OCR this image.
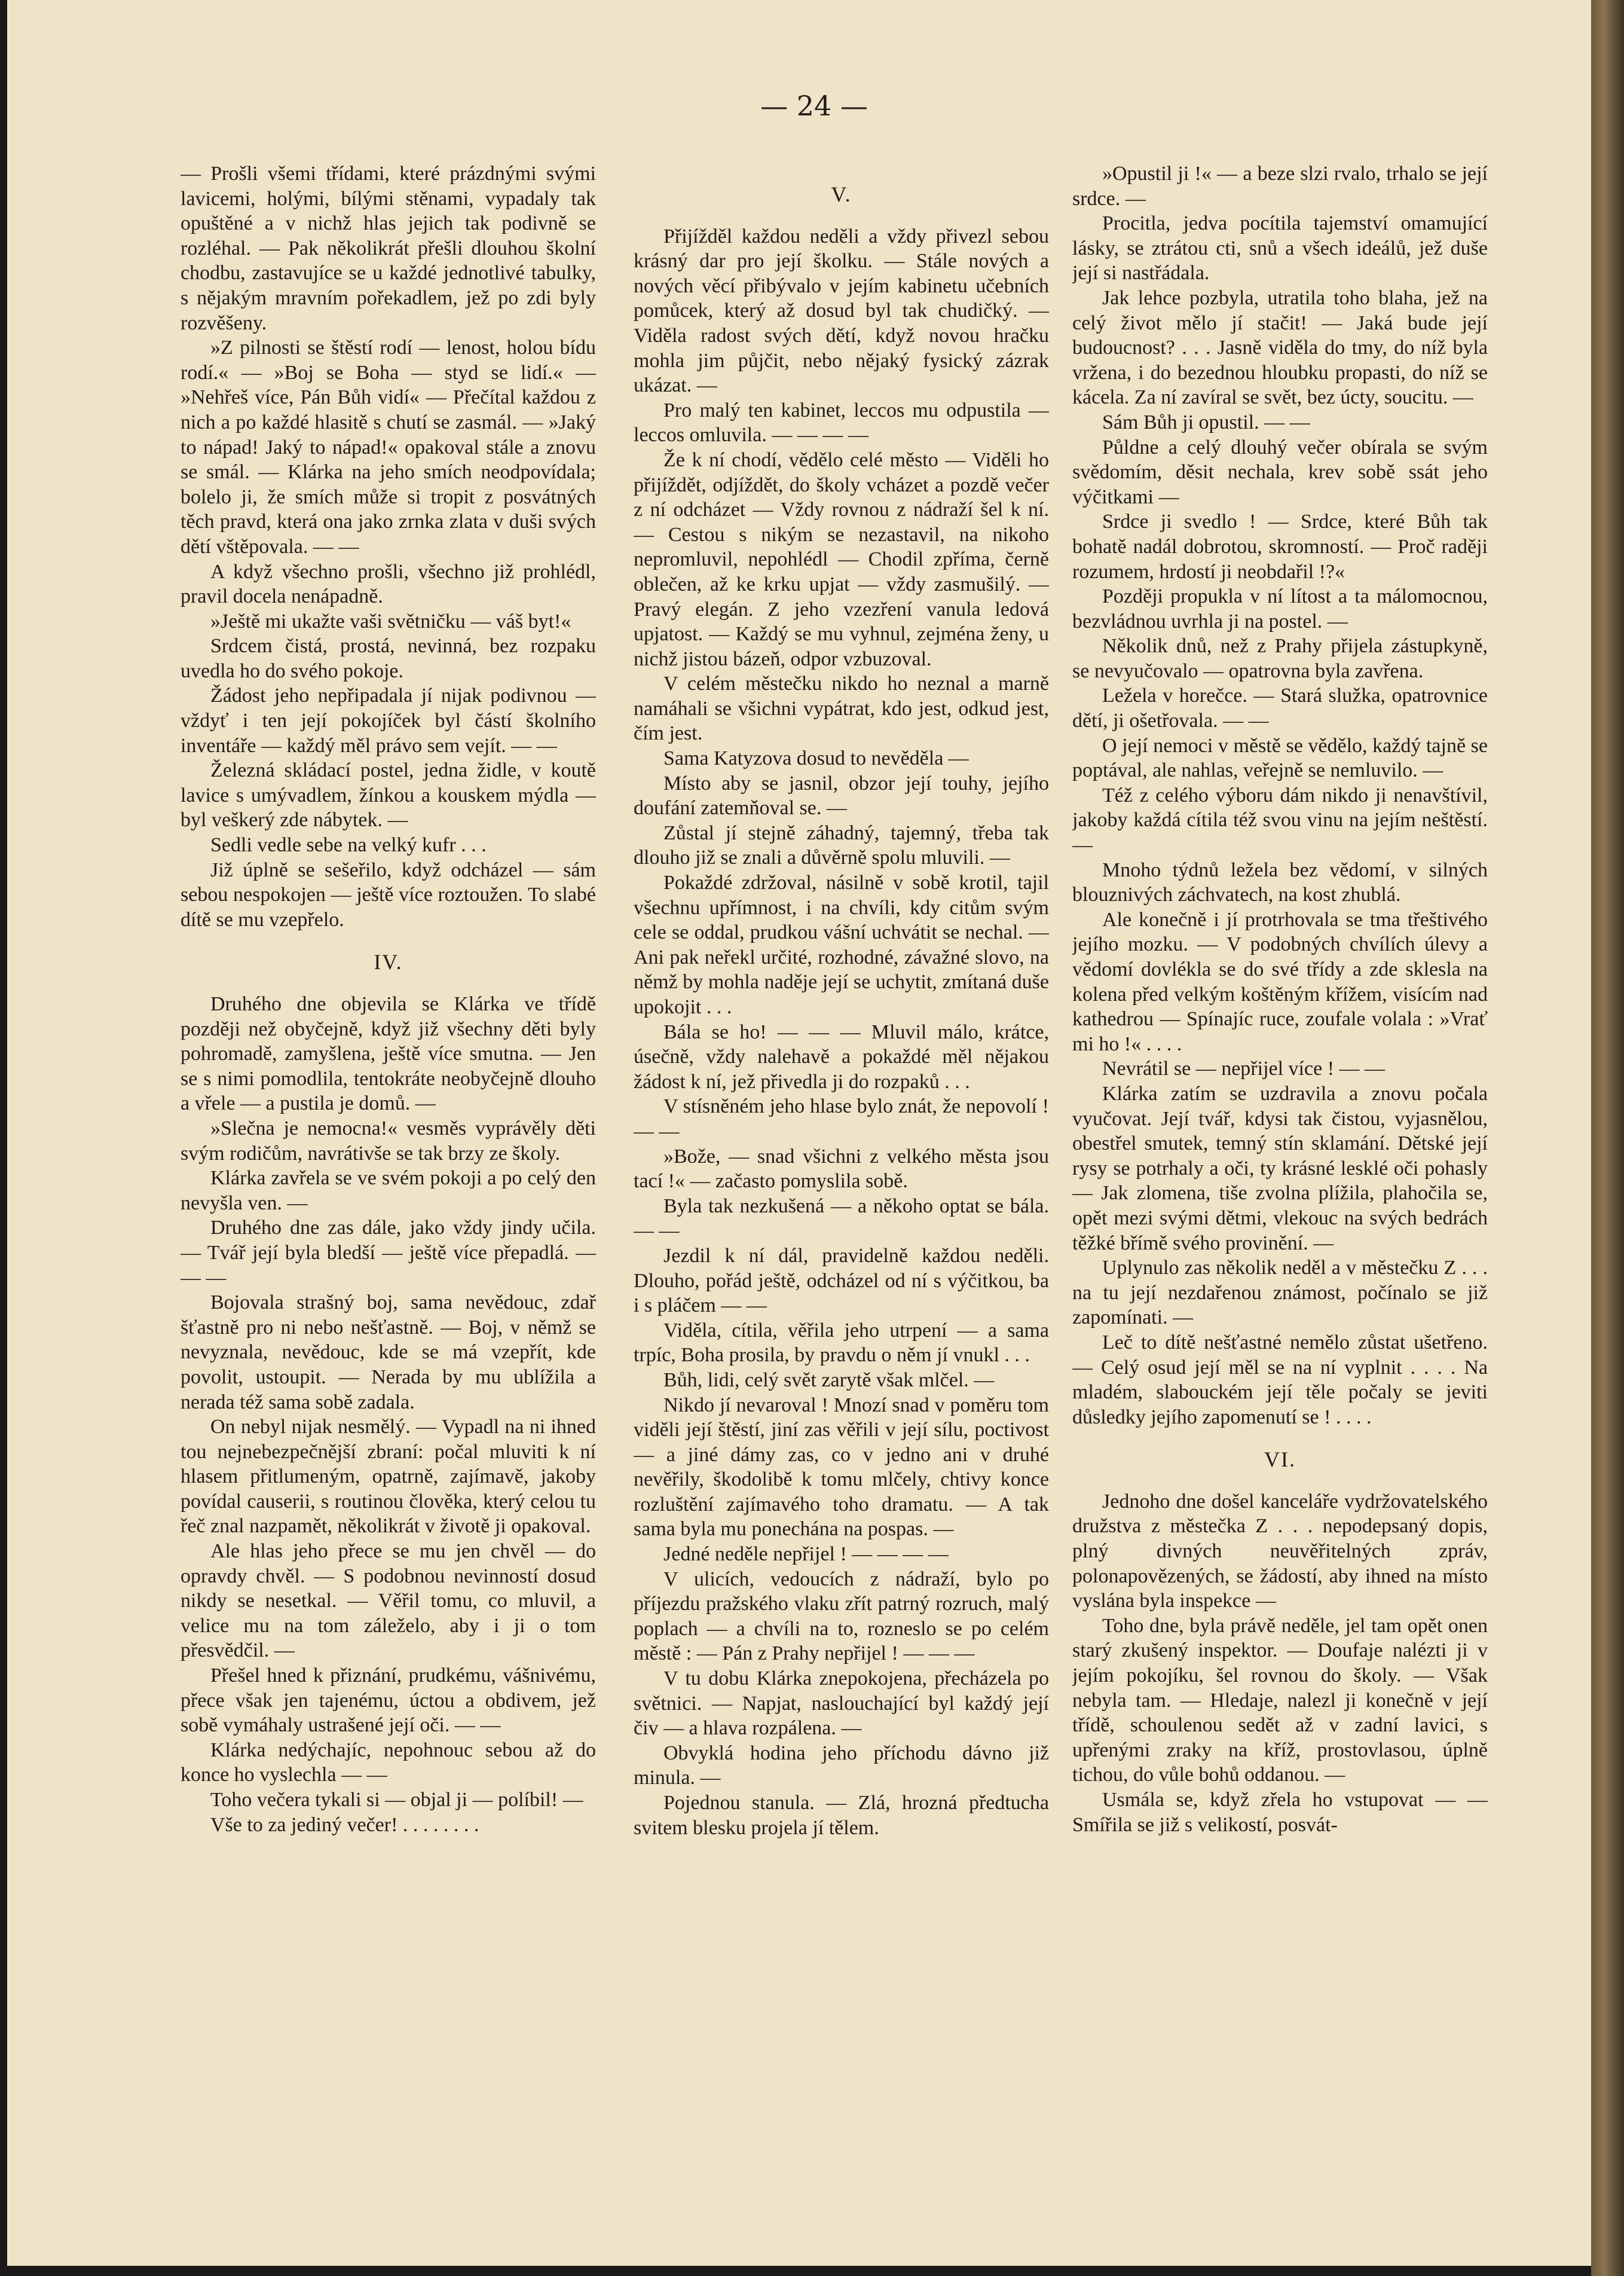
— 24 —

— Prošli všemi třídami, které prázdnými svými lavicemi, holými, bílými stěnami, vypadaly tak opuštěné a v nichž hlas jejich tak podivně se rozléhal. — Pak několikrát přešli dlouhou školní chodbu, zastavujíce se u každé jednotlivé tabulky, s nějakým mravním pořekadlem, jež po zdi byly rozvěšeny.

»Z pilnosti se štěstí rodí — lenost, holou bídu rodí.« — »Boj se Boha — styd se lidí.« — »Nehřeš více, Pán Bůh vidí« — Přečítal každou z nich a po každé hlasitě s chutí se zasmál. — »Jaký to nápad! Jaký to nápad!« opakoval stále a znovu se smál. — Klárka na jeho smích neodpovídala; bolelo ji, že smích může si tropit z posvátných těch pravd, která ona jako zrnka zlata v duši svých dětí vštěpovala. — —

A když všechno prošli, všechno již prohlédl, pravil docela nenápadně.

»Ještě mi ukažte vaši světničku — váš byt!«

Srdcem čistá, prostá, nevinná, bez rozpaku uvedla ho do svého pokoje.

Žádost jeho nepřipadala jí nijak podivnou — vždyť i ten její pokojíček byl částí školního inventáře — každý měl právo sem vejít. — —

Železná skládací postel, jedna židle, v koutě lavice s umývadlem, žínkou a kouskem mýdla — byl veškerý zde nábytek. —

Sedli vedle sebe na velký kufr . . .

Již úplně se sešeřilo, když odcházel — sám sebou nespokojen — ještě více roztoužen. To slabé dítě se mu vzepřelo.

IV.

Druhého dne objevila se Klárka ve třídě později než obyčejně, když již všechny děti byly pohromadě, zamyšlena, ještě více smutna. — Jen se s nimi pomodlila, tentokráte neobyčejně dlouho a vřele — a pustila je domů. —

»Slečna je nemocna!« vesměs vyprávěly děti svým rodičům, navrátivše se tak brzy ze školy.

Klárka zavřela se ve svém pokoji a po celý den nevyšla ven. —

Druhého dne zas dále, jako vždy jindy učila. — Tvář její byla bledší — ještě více přepadlá. — — —

Bojovala strašný boj, sama nevědouc, zdař šťastně pro ni nebo nešťastně. — Boj, v němž se nevyznala, nevědouc, kde se má vzepřít, kde povolit, ustoupit. — Nerada by mu ublížila a nerada též sama sobě zadala.

On nebyl nijak nesmělý. — Vypadl na ni ihned tou nejnebezpečnější zbraní: počal mluviti k ní hlasem přitlumeným, opatrně, zajímavě, jakoby povídal causerii, s routinou člověka, který celou tu řeč znal nazpamět, několikrát v životě ji opakoval.

Ale hlas jeho přece se mu jen chvěl — do opravdy chvěl. — S podobnou nevinností dosud nikdy se nesetkal. — Věřil tomu, co mluvil, a velice mu na tom záleželo, aby i ji o tom přesvědčil. —

Přešel hned k přiznání, prudkému, vášnivému, přece však jen tajenému, úctou a obdivem, jež sobě vymáhaly ustrašené její oči. — —

Klárka nedýchajíc, nepohnouc sebou až do konce ho vyslechla — —

Toho večera tykali si — objal ji — políbil! —

Vše to za jediný večer! . . . . . . . .

V.

Přijížděl každou neděli a vždy přivezl sebou krásný dar pro její školku. — Stále nových a nových věcí přibývalo v jejím kabinetu učebních pomůcek, který až dosud byl tak chudičký. — Viděla radost svých dětí, když novou hračku mohla jim půjčit, nebo nějaký fysický zázrak ukázat. —

Pro malý ten kabinet, leccos mu odpustila — leccos omluvila. — — — —

Že k ní chodí, vědělo celé město — Viděli ho přijíždět, odjíždět, do školy vcházet a pozdě večer z ní odcházet — Vždy rovnou z nádraží šel k ní. — Cestou s nikým se nezastavil, na nikoho nepromluvil, nepohlédl — Chodil zpříma, černě oblečen, až ke krku upjat — vždy zasmušilý. — Pravý elegán. Z jeho vzezření vanula ledová upjatost. — Každý se mu vyhnul, zejména ženy, u nichž jistou bázeň, odpor vzbuzoval.

V celém městečku nikdo ho neznal a marně namáhali se všichni vypátrat, kdo jest, odkud jest, čím jest.

Sama Katyzova dosud to nevěděla —

Místo aby se jasnil, obzor její touhy, jejího doufání zatemňoval se. —

Zůstal jí stejně záhadný, tajemný, třeba tak dlouho již se znali a důvěrně spolu mluvili. —

Pokaždé zdržoval, násilně v sobě krotil, tajil všechnu upřímnost, i na chvíli, kdy citům svým cele se oddal, prudkou vášní uchvátit se nechal. — Ani pak neřekl určité, rozhodné, závažné slovo, na němž by mohla naděje její se uchytit, zmítaná duše upokojit . . .

Bála se ho! — — — Mluvil málo, krátce, úsečně, vždy nalehavě a pokaždé měl nějakou žádost k ní, jež přivedla ji do rozpaků . . .

V stísněném jeho hlase bylo znát, že nepovolí ! — —

»Bože, — snad všichni z velkého města jsou tací !« — začasto pomyslila sobě.

Byla tak nezkušená — a někoho optat se bála. — —

Jezdil k ní dál, pravidelně každou neděli. Dlouho, pořád ještě, odcházel od ní s výčitkou, ba i s pláčem — —

Viděla, cítila, věřila jeho utrpení — a sama trpíc, Boha prosila, by pravdu o něm jí vnukl . . .

Bůh, lidi, celý svět zarytě však mlčel. —

Nikdo jí nevaroval ! Mnozí snad v poměru tom viděli její štěstí, jiní zas věřili v její sílu, poctivost — a jiné dámy zas, co v jedno ani v druhé nevěřily, škodolibě k tomu mlčely, chtivy konce rozluštění zajímavého toho dramatu. — A tak sama byla mu ponechána na pospas. —

Jedné neděle nepřijel ! — — — —

V ulicích, vedoucích z nádraží, bylo po příjezdu pražského vlaku zřít patrný rozruch, malý poplach — a chvíli na to, rozneslo se po celém městě : — Pán z Prahy nepřijel ! — — —

V tu dobu Klárka znepokojena, přecházela po světnici. — Napjat, naslouchající byl každý její čiv — a hlava rozpálena. —

Obvyklá hodina jeho příchodu dávno již minula. —

Pojednou stanula. — Zlá, hrozná předtucha svitem blesku projela jí tělem.

»Opustil ji !« — a beze slzi rvalo, trhalo se její srdce. —

Procitla, jedva pocítila tajemství omamující lásky, se ztrátou cti, snů a všech ideálů, jež duše její si nastřádala.

Jak lehce pozbyla, utratila toho blaha, jež na celý život mělo jí stačit! — Jaká bude její budoucnost? . . . Jasně viděla do tmy, do níž byla vržena, i do bezednou hloubku propasti, do níž se kácela. Za ní zavíral se svět, bez úcty, soucitu. —

Sám Bůh ji opustil. — —

Půldne a celý dlouhý večer obírala se svým svědomím, děsit nechala, krev sobě ssát jeho výčitkami —

Srdce ji svedlo ! — Srdce, které Bůh tak bohatě nadál dobrotou, skromností. — Proč raději rozumem, hrdostí ji neobdařil !?«

Později propukla v ní lítost a ta málomocnou, bezvládnou uvrhla ji na postel. —

Několik dnů, než z Prahy přijela zástupkyně, se nevyučovalo — opatrovna byla zavřena.

Ležela v horečce. — Stará služka, opatrovnice dětí, ji ošetřovala. — —

O její nemoci v městě se vědělo, každý tajně se poptával, ale nahlas, veřejně se nemluvilo. —

Též z celého výboru dám nikdo ji nenavštívil, jakoby každá cítila též svou vinu na jejím neštěstí. —

Mnoho týdnů ležela bez vědomí, v silných blouznivých záchvatech, na kost zhublá.

Ale konečně i jí protrhovala se tma třeštivého jejího mozku. — V podobných chvílích úlevy a vědomí dovlékla se do své třídy a zde sklesla na kolena před velkým koštěným křížem, visícím nad kathedrou — Spínajíc ruce, zoufale volala : »Vrať mi ho !« . . . .

Nevrátil se — nepřijel více ! — —

Klárka zatím se uzdravila a znovu počala vyučovat. Její tvář, kdysi tak čistou, vyjasnělou, obestřel smutek, temný stín sklamání. Dětské její rysy se potrhaly a oči, ty krásné lesklé oči pohasly — Jak zlomena, tiše zvolna plížila, plahočila se, opět mezi svými dětmi, vlekouc na svých bedrách těžké břímě svého provinění. —

Uplynulo zas několik neděl a v městečku Z . . . na tu její nezdařenou známost, počínalo se již zapomínati. —

Leč to dítě nešťastné nemělo zůstat ušetřeno. — Celý osud její měl se na ní vyplnit . . . . Na mladém, slabouckém její těle počaly se jeviti důsledky jejího zapomenutí se ! . . . .

VI.

Jednoho dne došel kanceláře vydržovatelského družstva z městečka Z . . . nepodepsaný dopis, plný divných neuvěřitelných zpráv, polonapovězených, se žádostí, aby ihned na místo vyslána byla inspekce —

Toho dne, byla právě neděle, jel tam opět onen starý zkušený inspektor. — Doufaje nalézti ji v jejím pokojíku, šel rovnou do školy. — Však nebyla tam. — Hledaje, nalezl ji konečně v její třídě, schoulenou sedět až v zadní lavici, s upřenými zraky na kříž, prostovlasou, úplně tichou, do vůle bohů oddanou. —

Usmála se, když zřela ho vstupovat — — Smířila se již s velikostí, posvát-
